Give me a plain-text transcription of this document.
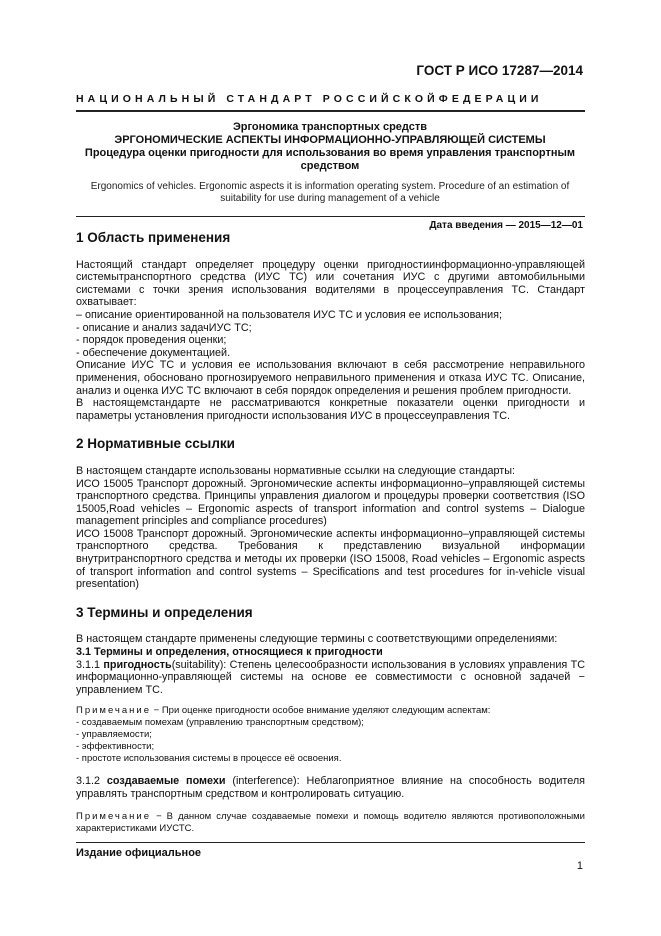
ГОСТ Р ИСО 17287—2014
НАЦИОНАЛЬНЫЙ СТАНДАРТ РОССИЙСКОЙФЕДЕРАЦИИ
Эргономика транспортных средств
ЭРГОНОМИЧЕСКИЕ АСПЕКТЫ ИНФОРМАЦИОННО-УПРАВЛЯЮЩЕЙ СИСТЕМЫ
Процедура оценки пригодности для использования во время управления транспортным средством
Ergonomics of vehicles. Ergonomic aspects it is information operating system. Procedure of an estimation of suitability for use during management of a vehicle
Дата введения — 2015—12—01
1 Область применения

Настоящий стандарт определяет процедуру оценки пригодностиинформационно-управляющей системытранспортного средства (ИУС ТС) или сочетания ИУС с другими автомобильными системами с точки зрения использования водителями в процессеуправления ТС. Стандарт охватывает:

– описание ориентированной на пользователя ИУС ТС и условия ее использования;

- описание и анализ задачИУС ТС;

- порядок проведения оценки;

- обеспечение документацией.

Описание ИУС ТС и условия ее использования включают в себя рассмотрение неправильного применения, обосновано прогнозируемого неправильного применения и отказа ИУС ТС. Описание, анализ и оценка ИУС ТС включают в себя порядок определения и решения проблем пригодности.

В настоящемстандарте не рассматриваются конкретные показатели оценки пригодности и параметры установления пригодности использования ИУС в процессеуправления ТС.

2 Нормативные ссылки

В настоящем стандарте использованы нормативные ссылки на следующие стандарты:

ИСО 15005 Транспорт дорожный. Эргономические аспекты информационно–управляющей системы транспортного средства. Принципы управления диалогом и процедуры проверки соответствия (ISO 15005,Road vehicles – Ergonomic aspects of transport information and control systems – Dialogue management principles and compliance procedures)

ИСО 15008 Транспорт дорожный. Эргономические аспекты информационно–управляющей системы транспортного средства. Требования к представлению визуальной информации внутритранспортного средства и методы их проверки (ISO 15008, Road vehicles – Ergonomic aspects of transport information and control systems – Specifications and test procedures for in-vehicle visual presentation)

3 Термины и определения

В настоящем стандарте применены следующие термины с соответствующими определениями:

3.1 Термины и определения, относящиеся к пригодности

3.1.1 пригодность(suitability): Степень целесообразности использования в условиях управления ТС информационно-управляющей системы на основе ее совместимости с основной задачей − управлением ТС.

Примечание − При оценке пригодности особое внимание уделяют следующим аспектам:

- создаваемым помехам (управлению транспортным средством);

- управляемости;

- эффективности;

- простоте использования системы в процессе её освоения.

3.1.2 создаваемые помехи (interference): Неблагоприятное влияние на способность водителя управлять транспортным средством и контролировать ситуацию.

Примечание − В данном случае создаваемые помехи и помощь водителю являются противоположными характеристиками ИУСТС.

Издание официальное
1
